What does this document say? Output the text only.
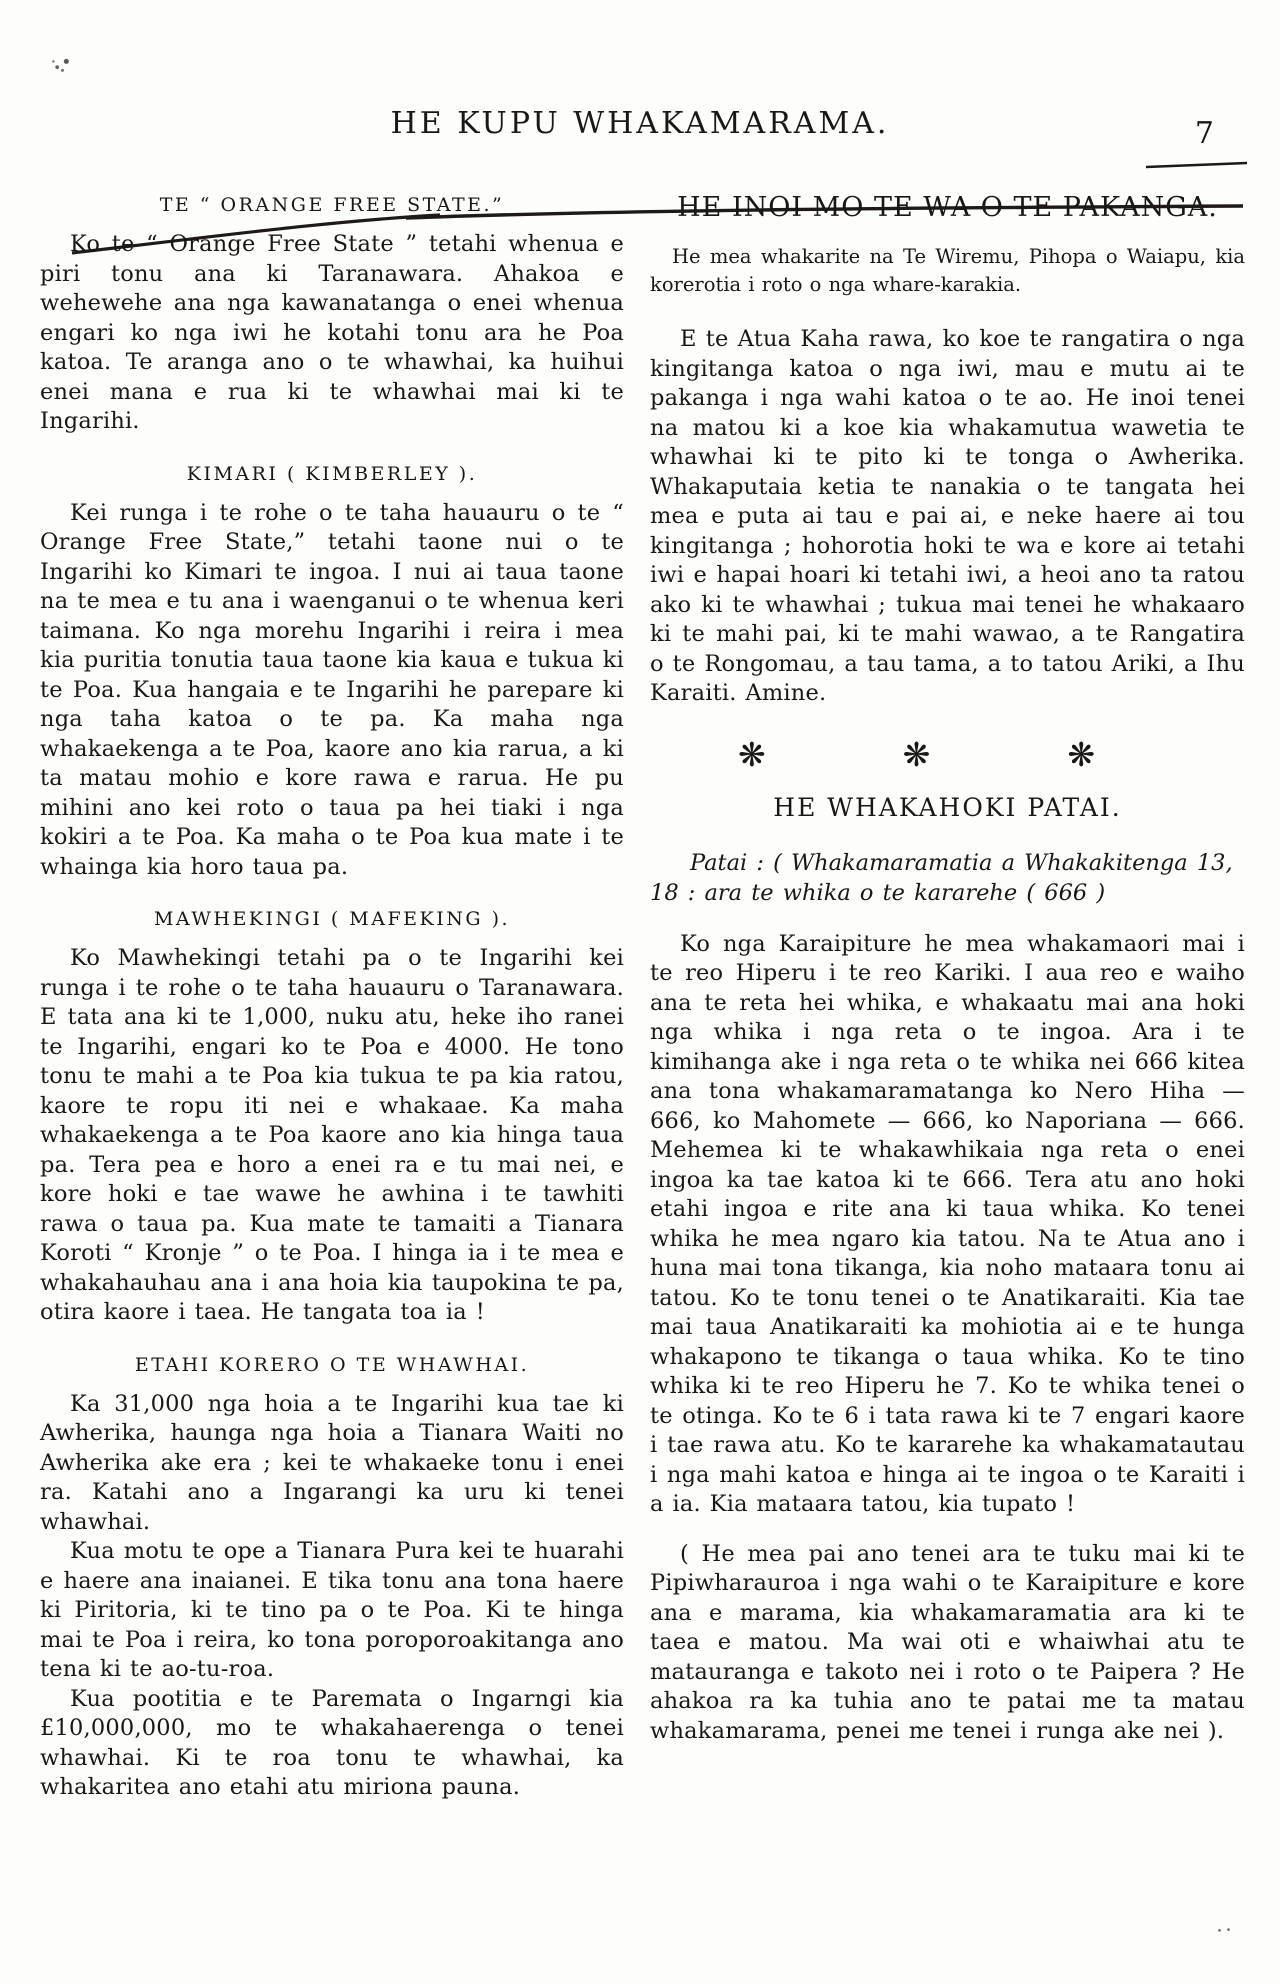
HE KUPU WHAKAMARAMA.	7
TE “ ORANGE FREE STATE.”

Ko te “ Orange Free State ” tetahi whenua e piri tonu ana ki Taranawara. Ahakoa e wehewehe ana nga kawanatanga o enei whenua engari ko nga iwi he kotahi tonu ara he Poa katoa. Te aranga ano o te whawhai, ka huihui enei mana e rua ki te whawhai mai ki te Ingarihi.

KIMARI ( KIMBERLEY ).

Kei runga i te rohe o te taha hauauru o te “ Orange Free State,” tetahi taone nui o te Ingarihi ko Kimari te ingoa. I nui ai taua taone na te mea e tu ana i waenganui o te whenua keri taimana. Ko nga morehu Ingarihi i reira i mea kia puritia tonutia taua taone kia kaua e tukua ki te Poa. Kua hangaia e te Ingarihi he parepare ki nga taha katoa o te pa. Ka maha nga whakaekenga a te Poa, kaore ano kia rarua, a ki ta matau mohio e kore rawa e rarua. He pu mihini ano kei roto o taua pa hei tiaki i nga kokiri a te Poa. Ka maha o te Poa kua mate i te whainga kia horo taua pa.

MAWHEKINGI ( MAFEKING ).

Ko Mawhekingi tetahi pa o te Ingarihi kei runga i te rohe o te taha hauauru o Taranawara. E tata ana ki te 1,000, nuku atu, heke iho ranei te Ingarihi, engari ko te Poa e 4000. He tono tonu te mahi a te Poa kia tukua te pa kia ratou, kaore te ropu iti nei e whakaae. Ka maha whakaekenga a te Poa kaore ano kia hinga taua pa. Tera pea e horo a enei ra e tu mai nei, e kore hoki e tae wawe he awhina i te tawhiti rawa o taua pa. Kua mate te tamaiti a Tianara Koroti “ Kronje ” o te Poa. I hinga ia i te mea e whakahauhau ana i ana hoia kia taupokina te pa, otira kaore i taea. He tangata toa ia !

ETAHI KORERO O TE WHAWHAI.

Ka 31,000 nga hoia a te Ingarihi kua tae ki Awherika, haunga nga hoia a Tianara Waiti no Awherika ake era ; kei te whakaeke tonu i enei ra. Katahi ano a Ingarangi ka uru ki tenei whawhai.

Kua motu te ope a Tianara Pura kei te huarahi e haere ana inaianei. E tika tonu ana tona haere ki Piritoria, ki te tino pa o te Poa. Ki te hinga mai te Poa i reira, ko tona poroporoakitanga ano tena ki te ao-tu-roa.

Kua pootitia e te Paremata o Ingarngi kia £10,000,000, mo te whakahaerenga o tenei whawhai. Ki te roa tonu te whawhai, ka whakaritea ano etahi atu miriona pauna.

HE INOI MO TE WA O TE PAKANGA.

He mea whakarite na Te Wiremu, Pihopa o Waiapu, kia korerotia i roto o nga whare-karakia.

E te Atua Kaha rawa, ko koe te rangatira o nga kingitanga katoa o nga iwi, mau e mutu ai te pakanga i nga wahi katoa o te ao. He inoi tenei na matou ki a koe kia whakamutua wawetia te whawhai ki te pito ki te tonga o Awherika. Whakaputaia ketia te nanakia o te tangata hei mea e puta ai tau e pai ai, e neke haere ai tou kingitanga ; hohorotia hoki te wa e kore ai tetahi iwi e hapai hoari ki tetahi iwi, a heoi ano ta ratou ako ki te whawhai ; tukua mai tenei he whakaaro ki te mahi pai, ki te mahi wawao, a te Rangatira o te Rongomau, a tau tama, a to tatou Ariki, a Ihu Karaiti. Amine.

❋	❋	❋
HE WHAKAHOKI PATAI.

Patai : ( Whakamaramatia a Whakakitenga 13, 18 : ara te whika o te kararehe ( 666 )

Ko nga Karaipiture he mea whakamaori mai i te reo Hiperu i te reo Kariki. I aua reo e waiho ana te reta hei whika, e whakaatu mai ana hoki nga whika i nga reta o te ingoa. Ara i te kimihanga ake i nga reta o te whika nei 666 kitea ana tona whakamaramatanga ko Nero Hiha — 666, ko Mahomete — 666, ko Naporiana — 666. Mehemea ki te whakawhikaia nga reta o enei ingoa ka tae katoa ki te 666. Tera atu ano hoki etahi ingoa e rite ana ki taua whika. Ko tenei whika he mea ngaro kia tatou. Na te Atua ano i huna mai tona tikanga, kia noho mataara tonu ai tatou. Ko te tonu tenei o te Anatikaraiti. Kia tae mai taua Anatikaraiti ka mohiotia ai e te hunga whakapono te tikanga o taua whika. Ko te tino whika ki te reo Hiperu he 7. Ko te whika tenei o te otinga. Ko te 6 i tata rawa ki te 7 engari kaore i tae rawa atu. Ko te kararehe ka whakamatautau i nga mahi katoa e hinga ai te ingoa o te Karaiti i a ia. Kia mataara tatou, kia tupato !

( He mea pai ano tenei ara te tuku mai ki te Pipiwharauroa i nga wahi o te Karaipiture e kore ana e marama, kia whakamaramatia ara ki te taea e matou. Ma wai oti e whaiwhai atu te matauranga e takoto nei i roto o te Paipera ? He ahakoa ra ka tuhia ano te patai me ta matau whakamarama, penei me tenei i runga ake nei ).
